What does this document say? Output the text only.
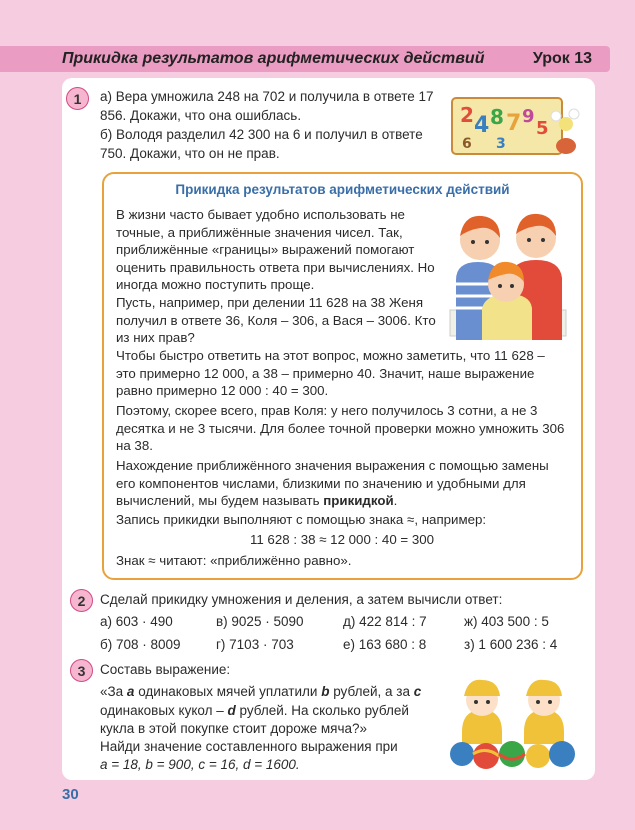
Прикидка результатов арифметических действий	Урок 13
1	а) Вера умножила 248 на 702 и получила в ответе 17 856. Докажи, что она ошиблась.
б) Володя разделил 42 300 на 6 и получил в ответе 750. Докажи, что он не прав.
2 4 8 7 9
5
6 3
Прикидка результатов арифметических действий

В жизни часто бывает удобно использовать не точные, а приближённые значения чисел. Так, приближённые «границы» выражений помогают оценить правильность ответа при вычислениях. Но иногда можно поступить проще.

Пусть, например, при делении 11 628 на 38 Женя получил в ответе 36, Коля – 306, а Вася – 3006. Кто из них прав?

Чтобы быстро ответить на этот вопрос, можно заметить, что 11 628 – это примерно 12 000, а 38 – примерно 40. Значит, наше выражение равно примерно 12 000 : 40 = 300.

Поэтому, скорее всего, прав Коля: у него получилось 3 сотни, а не 3 десятка и не 3 тысячи. Для более точной проверки можно умножить 306 на 38.

Нахождение приближённого значения выражения с помощью замены его компонентов числами, близкими по значению и удобными для вычислений, мы будем называть прикидкой.

Запись прикидки выполняют с помощью знака ≈, например:

11 628 : 38 ≈ 12 000 : 40 = 300

Знак ≈ читают: «приближённо равно».

2	Сделай прикидку умножения и деления, а затем вычисли ответ:
а) 603 · 490	в) 9025 · 5090	д) 422 814 : 7	ж) 403 500 : 5
б) 708 · 8009	г) 7103 · 703	е) 163 680 : 8	з) 1 600 236 : 4
3	Составь выражение:
«За a одинаковых мячей уплатили b рублей, а за c одинаковых кукол – d рублей. На сколько рублей кукла в этой покупке стоит дороже мяча?»
Найди значение составленного выражения при
a = 18, b = 900, c = 16, d = 1600.
30
